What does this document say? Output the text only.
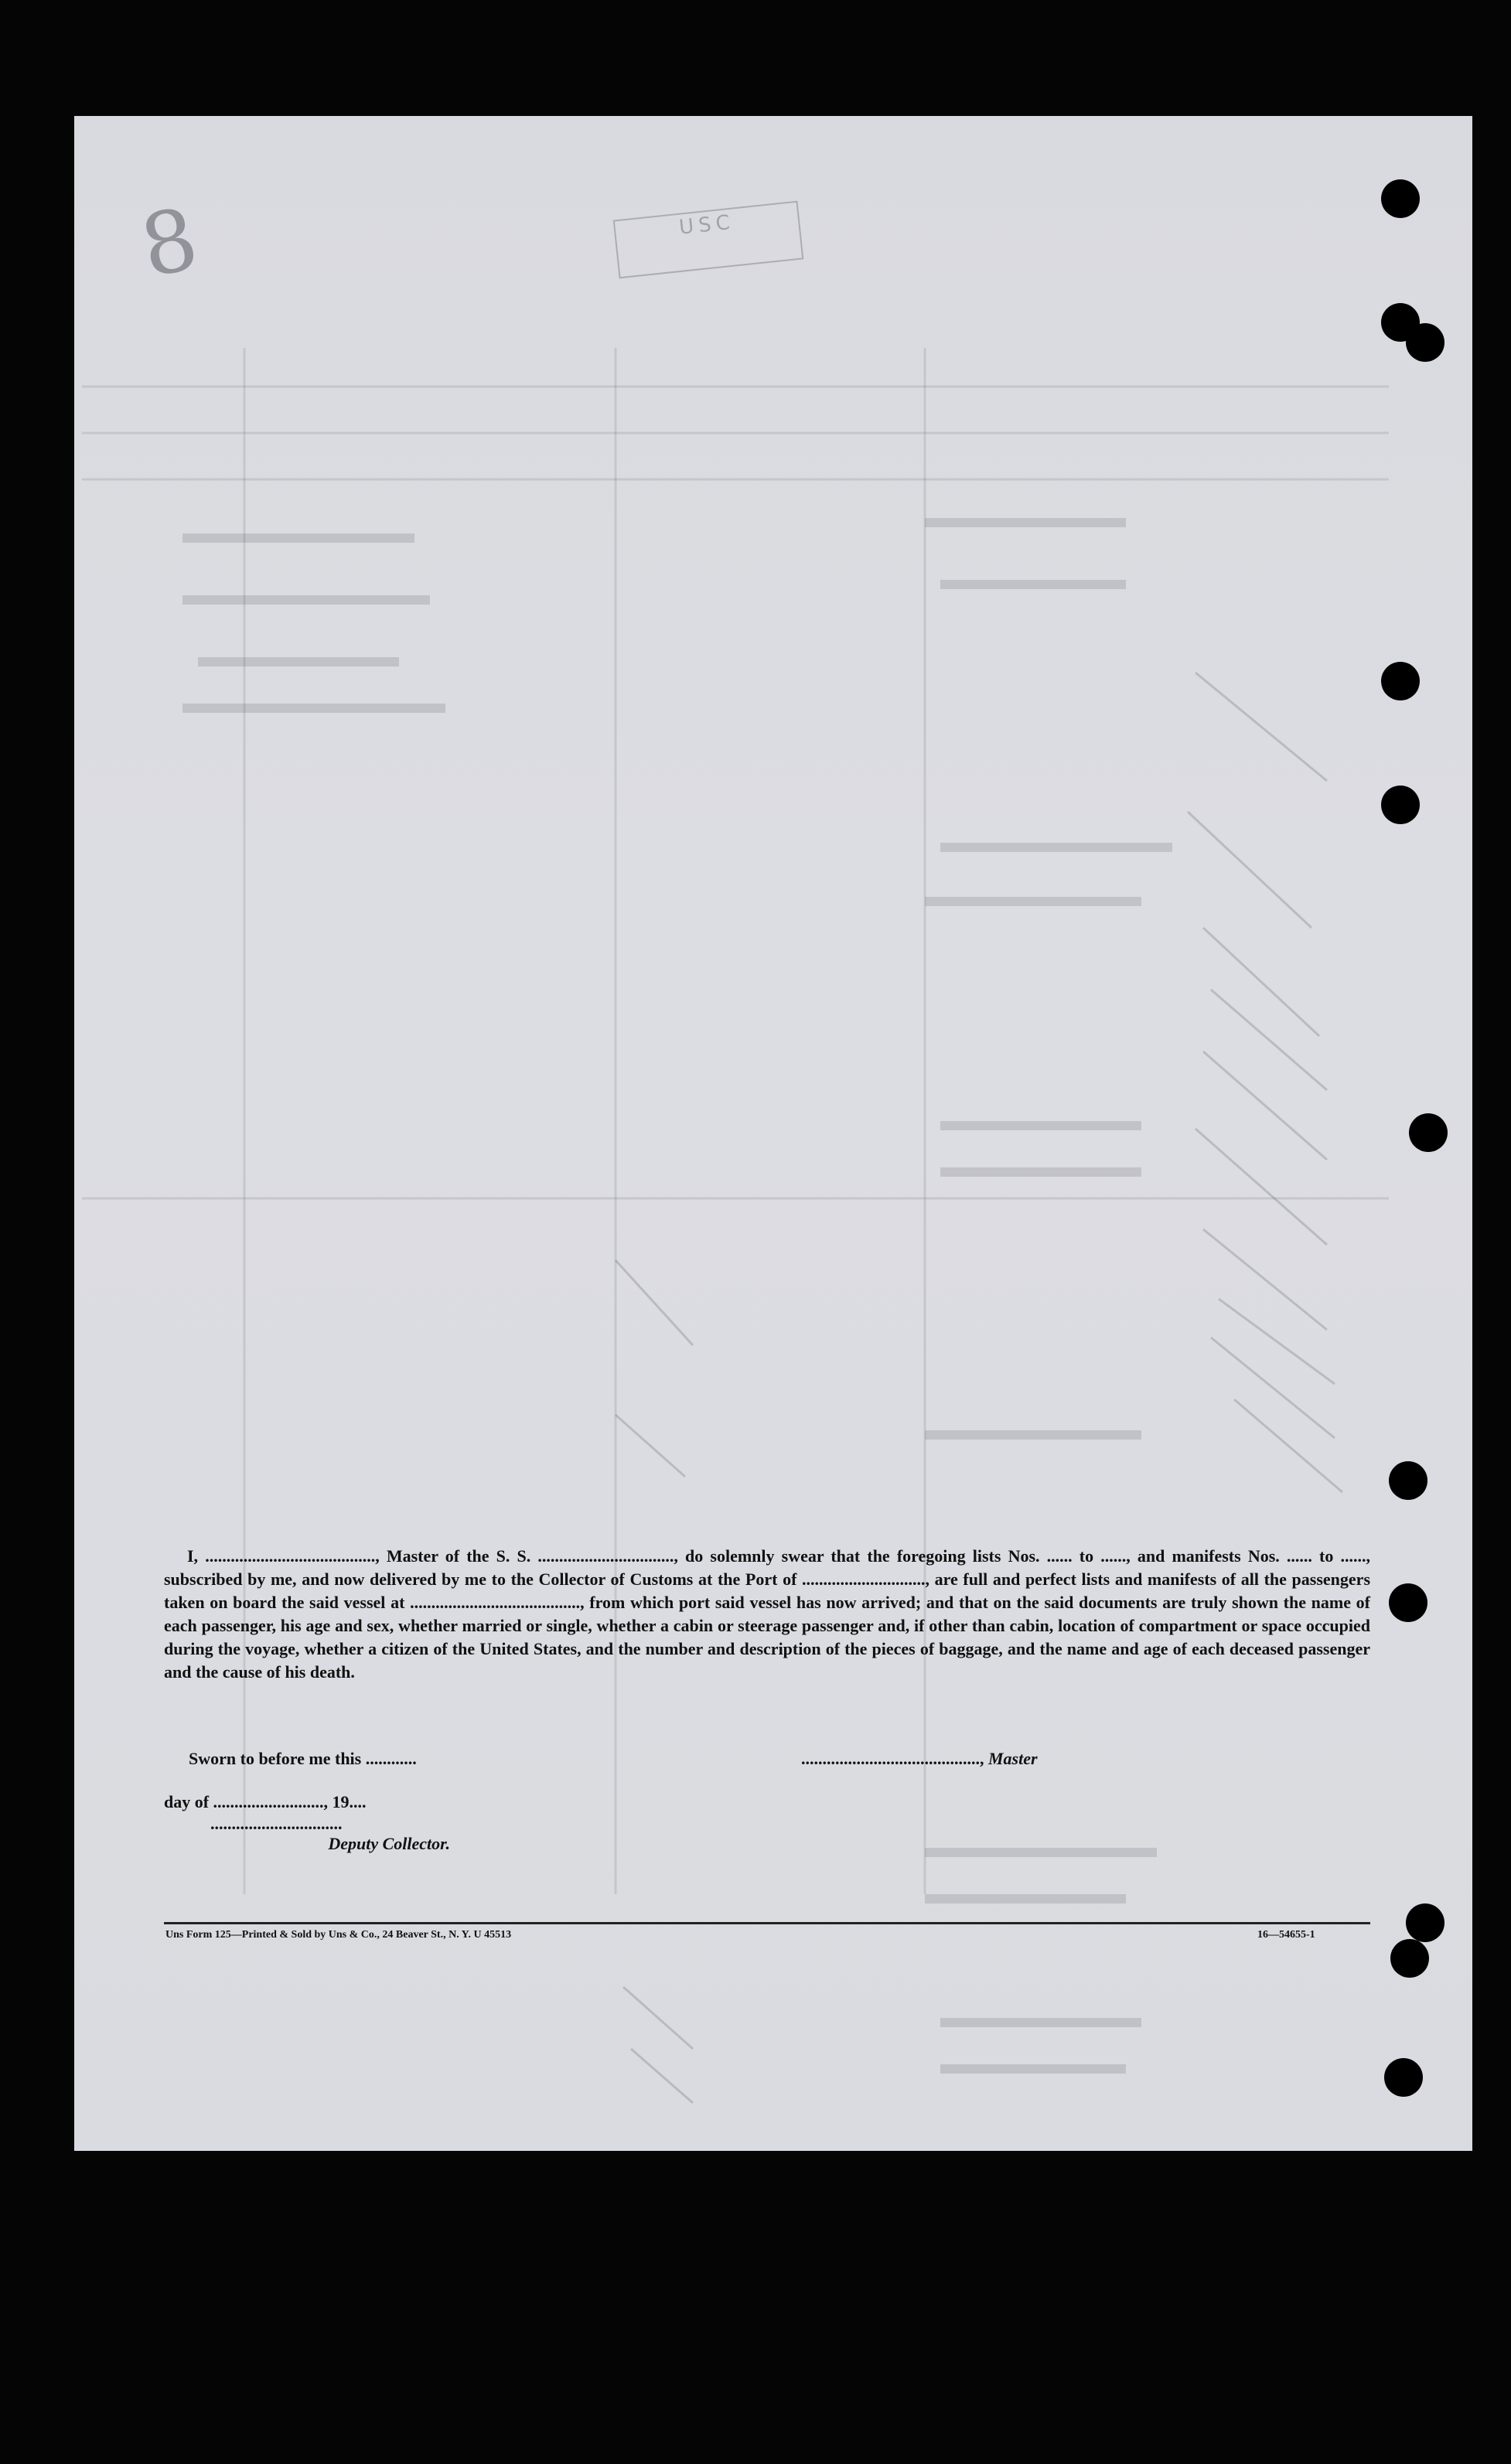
8	USC

I, ........................................, Master of the S. S. ................................, do solemnly swear that the foregoing lists Nos. ...... to ......, and manifests Nos. ...... to ......, subscribed by me, and now delivered by me to the Collector of Customs at the Port of ............................., are full and perfect lists and manifests of all the passengers taken on board the said vessel at ........................................, from which port said vessel has now arrived; and that on the said documents are truly shown the name of each passenger, his age and sex, whether married or single, whether a cabin or steerage passenger and, if other than cabin, location of compartment or space occupied during the voyage, whether a citizen of the United States, and the number and description of the pieces of baggage, and the name and age of each deceased passenger and the cause of his death.

Sworn to before me this ............	.........................................., Master
day of .........................., 19....
...............................
Deputy Collector.
Uns Form 125—Printed & Sold by Uns & Co., 24 Beaver St., N. Y. U 45513	16—54655-1
